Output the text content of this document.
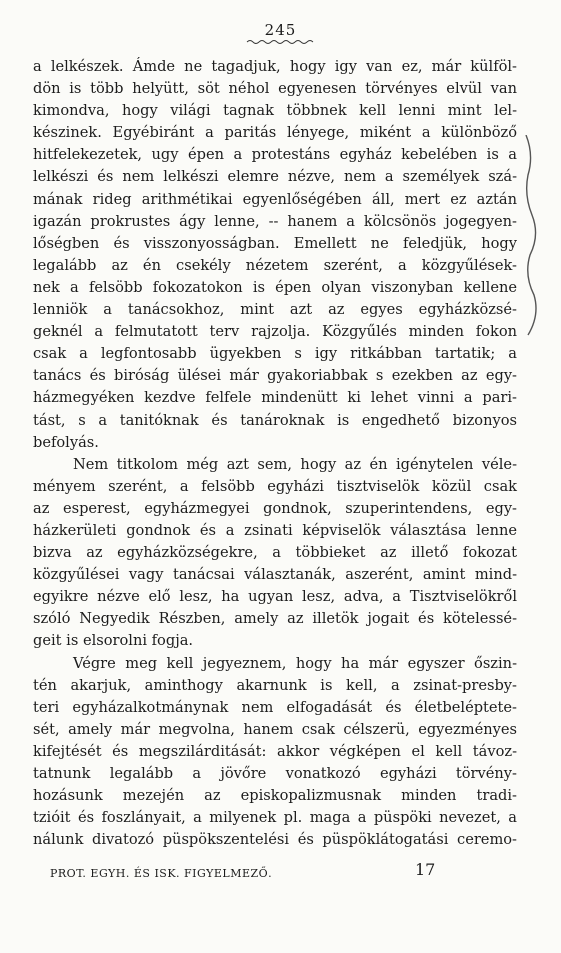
245
a lelkészek. Ámde ne tagadjuk, hogy igy van ez, már külföl-
dön is több helyütt, söt néhol egyenesen törvényes elvül van
kimondva, hogy világi tagnak többnek kell lenni mint lel-
készinek. Egyébiránt a paritás lényege, miként a különböző
hitfelekezetek, ugy épen a protestáns egyház kebelében is a
lelkészi és nem lelkészi elemre nézve, nem a személyek szá-
mának rideg arithmétikai egyenlőségében áll, mert ez aztán
igazán prokrustes ágy lenne, -- hanem a kölcsönös jogegyen-
lőségben és visszonyosságban. Emellett ne feledjük, hogy
legalább az én csekély nézetem szerént, a közgyűlések-
nek a felsöbb fokozatokon is épen olyan viszonyban kellene
lenniök a tanácsokhoz, mint azt az egyes egyházközsé-
geknél a felmutatott terv rajzolja. Közgyűlés minden fokon
csak a legfontosabb ügyekben s igy ritkábban tartatik; a
tanács és biróság ülései már gyakoriabbak s ezekben az egy-
házmegyéken kezdve felfele mindenütt ki lehet vinni a pari-
tást, s a tanitóknak és tanároknak is engedhető bizonyos
befolyás.
Nem titkolom még azt sem, hogy az én igénytelen véle-
ményem szerént, a felsöbb egyházi tisztviselök közül csak
az esperest, egyházmegyei gondnok, szuperintendens, egy-
házkerületi gondnok és a zsinati képviselök választása lenne
bizva az egyházközségekre, a többieket az illető fokozat
közgyűlései vagy tanácsai választanák, aszerént, amint mind-
egyikre nézve elő lesz, ha ugyan lesz, adva, a Tisztviselökről
szóló Negyedik Részben, amely az illetök jogait és kötelessé-
geit is elsorolni fogja.
Végre meg kell jegyeznem, hogy ha már egyszer őszin-
tén akarjuk, aminthogy akarnunk is kell, a zsinat-presby-
teri egyházalkotmánynak nem elfogadását és életbeléptete-
sét, amely már megvolna, hanem csak célszerü, egyezményes
kifejtését és megszilárditását: akkor végképen el kell távoz-
tatnunk legalább a jövőre vonatkozó egyházi törvény-
hozásunk mezején az episkopalizmusnak minden tradi-
tzióit és foszlányait, a milyenek pl. maga a püspöki nevezet, a
nálunk divatozó püspökszentelési és püspöklátogatási ceremo-
PROT. EGYH. ÉS ISK. FIGYELMEZŐ.	17
